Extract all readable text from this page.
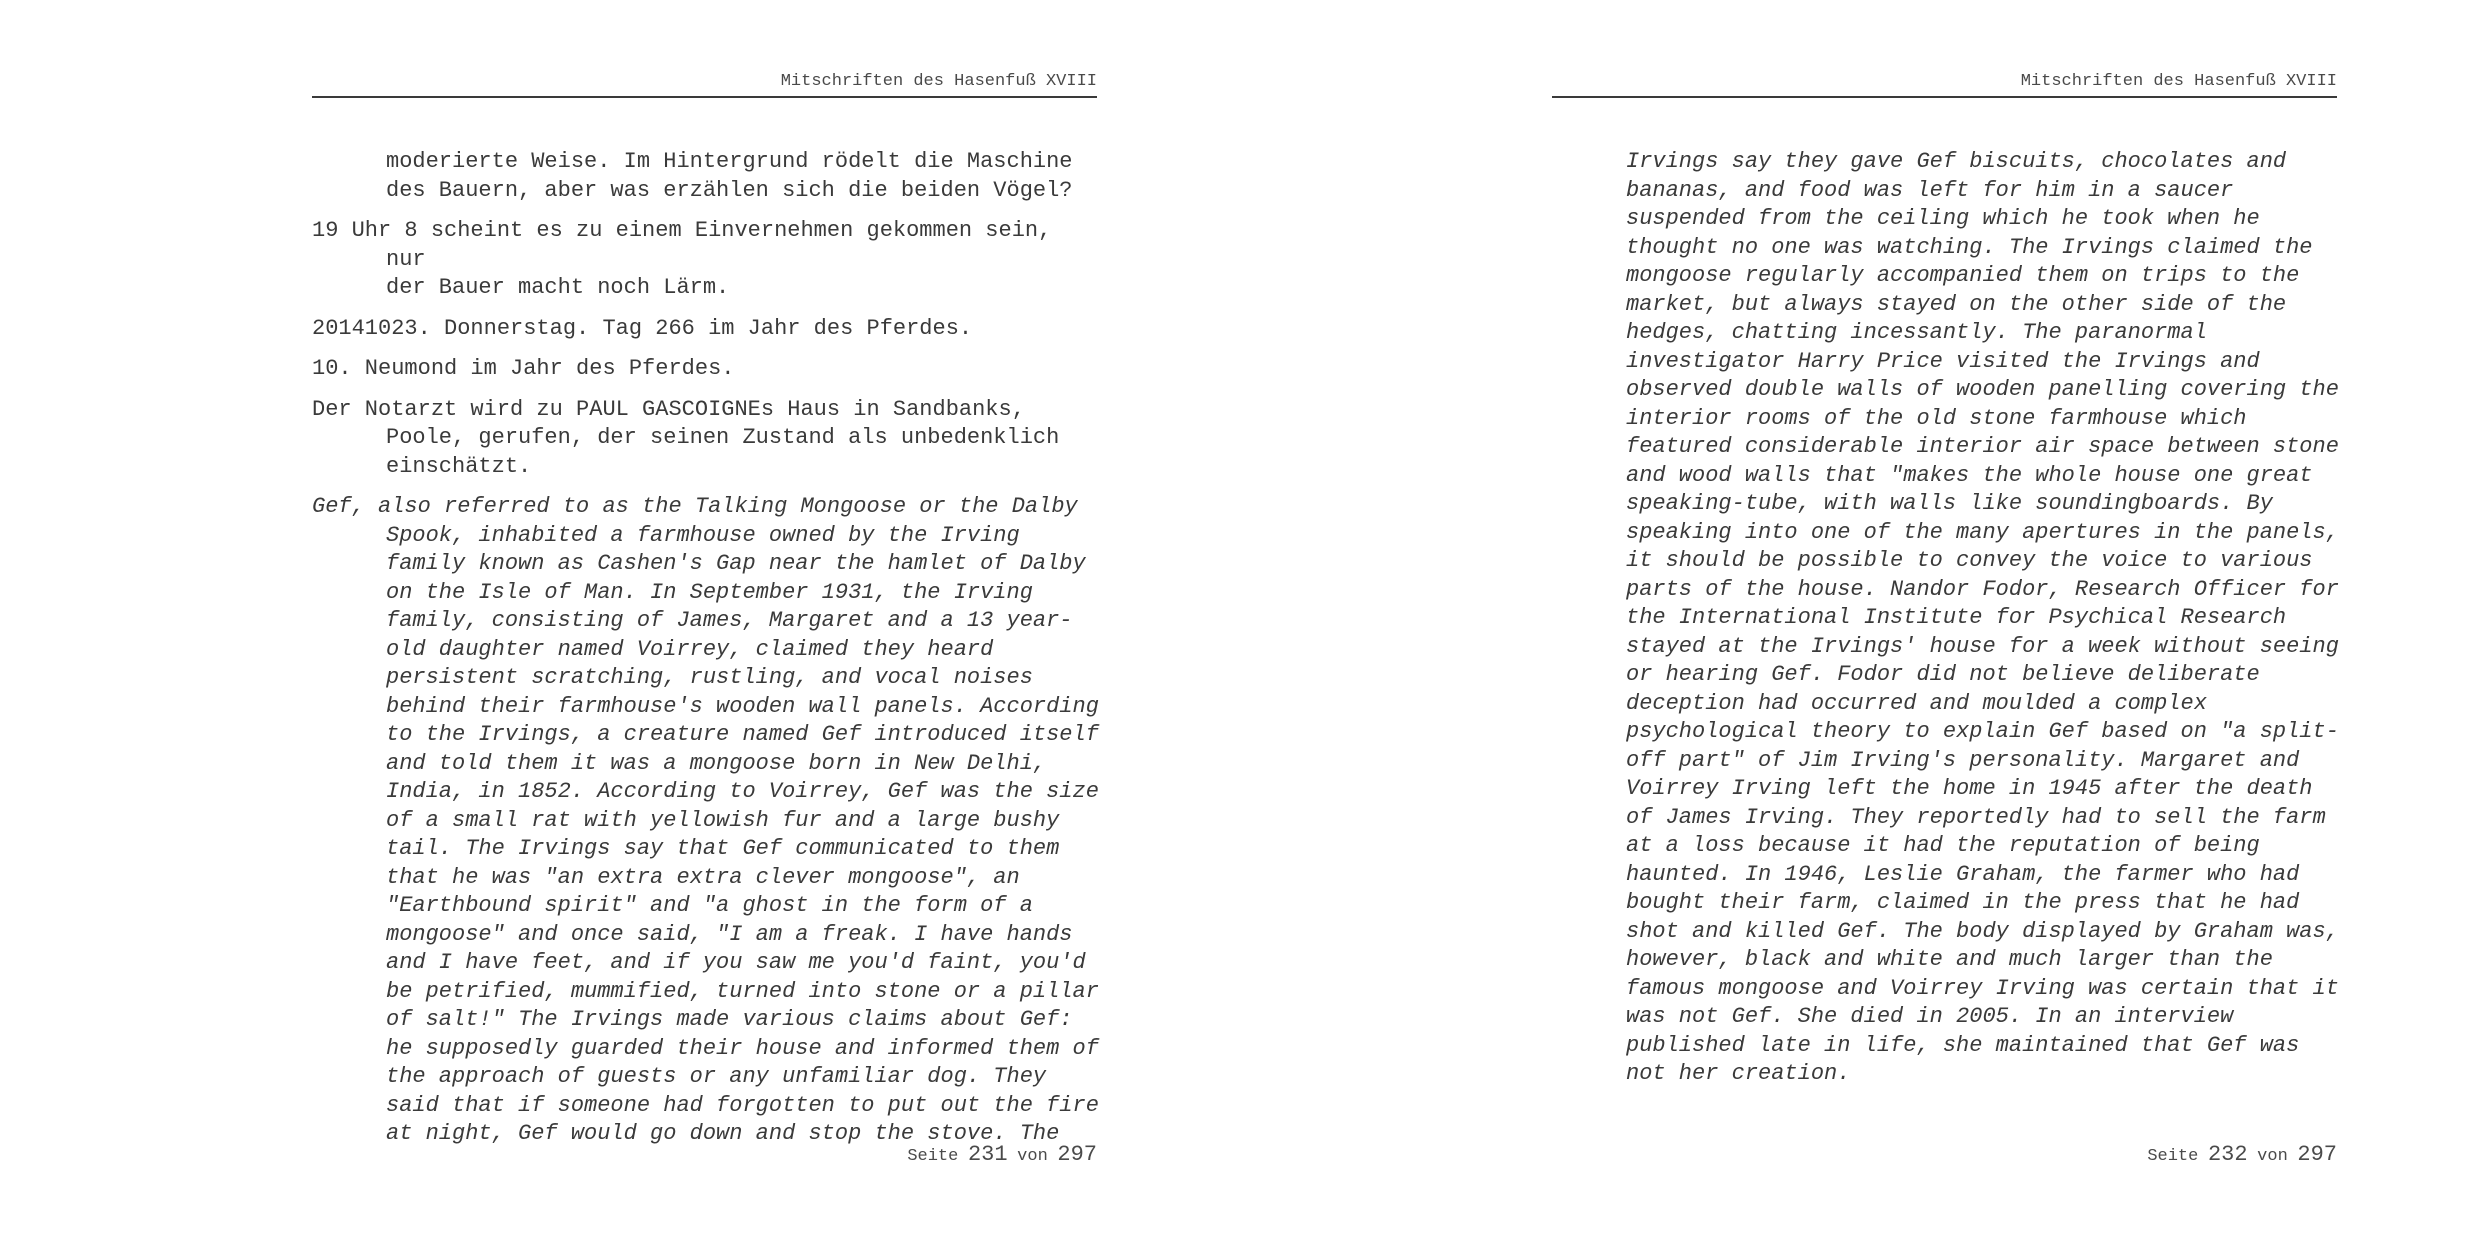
Mitschriften des Hasenfuß XVIII

moderierte Weise. Im Hintergrund rödelt die Maschine
des Bauern, aber was erzählen sich die beiden Vögel?

19 Uhr 8 scheint es zu einem Einvernehmen gekommen sein, nur
der Bauer macht noch Lärm.

20141023. Donnerstag. Tag 266 im Jahr des Pferdes.

10. Neumond im Jahr des Pferdes.

Der Notarzt wird zu PAUL GASCOIGNEs Haus in Sandbanks,
Poole, gerufen, der seinen Zustand als unbedenklich
einschätzt.

Gef, also referred to as the Talking Mongoose or the Dalby
Spook, inhabited a farmhouse owned by the Irving
family known as Cashen's Gap near the hamlet of Dalby
on the Isle of Man. In September 1931, the Irving
family, consisting of James, Margaret and a 13 year-
old daughter named Voirrey, claimed they heard
persistent scratching, rustling, and vocal noises
behind their farmhouse's wooden wall panels. According
to the Irvings, a creature named Gef introduced itself
and told them it was a mongoose born in New Delhi,
India, in 1852. According to Voirrey, Gef was the size
of a small rat with yellowish fur and a large bushy
tail. The Irvings say that Gef communicated to them
that he was "an extra extra clever mongoose", an
"Earthbound spirit" and "a ghost in the form of a
mongoose" and once said, "I am a freak. I have hands
and I have feet, and if you saw me you'd faint, you'd
be petrified, mummified, turned into stone or a pillar
of salt!" The Irvings made various claims about Gef:
he supposedly guarded their house and informed them of
the approach of guests or any unfamiliar dog. They
said that if someone had forgotten to put out the fire
at night, Gef would go down and stop the stove. The

Seite 231 von 297
Mitschriften des Hasenfuß XVIII
Irvings say they gave Gef biscuits, chocolates and
bananas, and food was left for him in a saucer
suspended from the ceiling which he took when he
thought no one was watching. The Irvings claimed the
mongoose regularly accompanied them on trips to the
market, but always stayed on the other side of the
hedges, chatting incessantly. The paranormal
investigator Harry Price visited the Irvings and
observed double walls of wooden panelling covering the
interior rooms of the old stone farmhouse which
featured considerable interior air space between stone
and wood walls that "makes the whole house one great
speaking-tube, with walls like soundingboards. By
speaking into one of the many apertures in the panels,
it should be possible to convey the voice to various
parts of the house. Nandor Fodor, Research Officer for
the International Institute for Psychical Research
stayed at the Irvings' house for a week without seeing
or hearing Gef. Fodor did not believe deliberate
deception had occurred and moulded a complex
psychological theory to explain Gef based on "a split-
off part" of Jim Irving's personality. Margaret and
Voirrey Irving left the home in 1945 after the death
of James Irving. They reportedly had to sell the farm
at a loss because it had the reputation of being
haunted. In 1946, Leslie Graham, the farmer who had
bought their farm, claimed in the press that he had
shot and killed Gef. The body displayed by Graham was,
however, black and white and much larger than the
famous mongoose and Voirrey Irving was certain that it
was not Gef. She died in 2005. In an interview
published late in life, she maintained that Gef was
not her creation.
Seite 232 von 297
